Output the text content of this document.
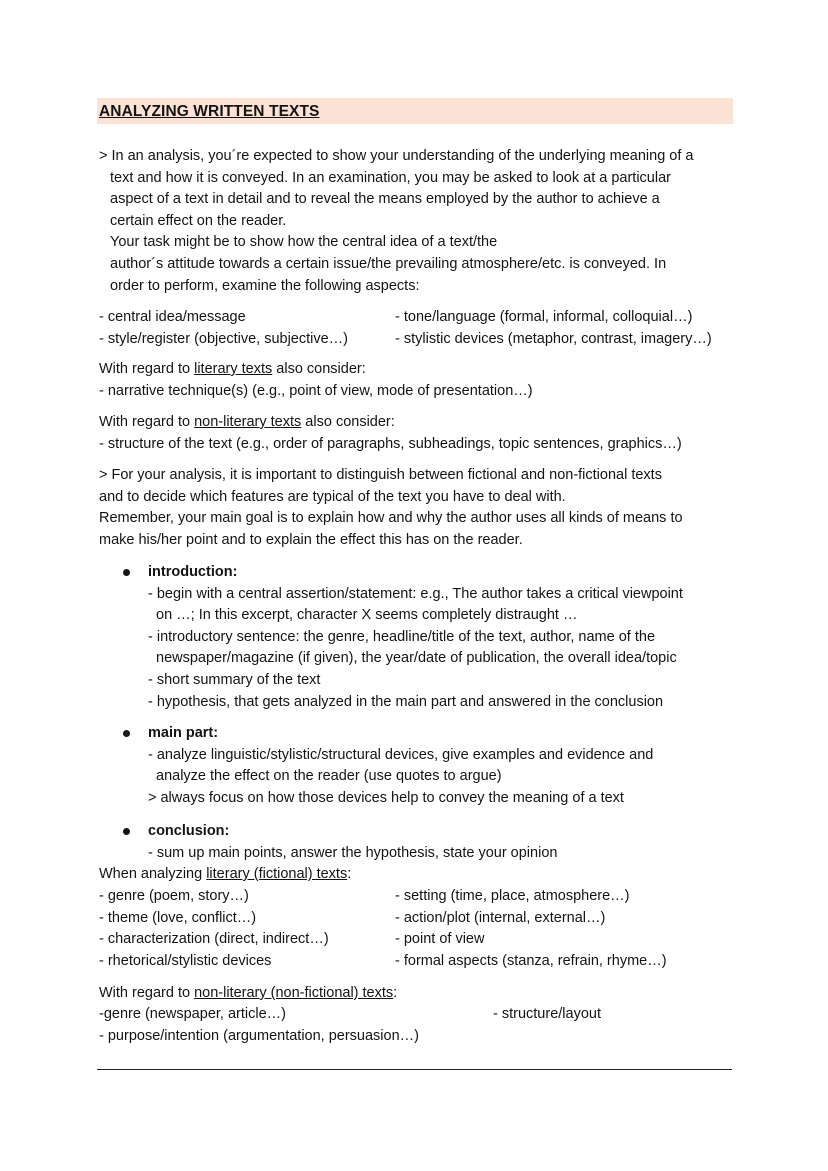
ANALYZING WRITTEN TEXTS
> In an analysis, you´re expected to show your understanding of the underlying meaning of a
text and how it is conveyed. In an examination, you may be asked to look at a particular
aspect of a text in detail and to reveal the means employed by the author to achieve a
certain effect on the reader.
Your task might be to show how the central idea of a text/the
author´s attitude towards a certain issue/the prevailing atmosphere/etc. is conveyed. In
order to perform, examine the following aspects:
- central idea/message	- tone/language (formal, informal, colloquial…)
- style/register (objective, subjective…)	- stylistic devices (metaphor, contrast, imagery…)
With regard to literary texts also consider:
- narrative technique(s) (e.g., point of view, mode of presentation…)
With regard to non-literary texts also consider:
- structure of the text (e.g., order of paragraphs, subheadings, topic sentences, graphics…)
> For your analysis, it is important to distinguish between fictional and non-fictional texts
and to decide which features are typical of the text you have to deal with.
Remember, your main goal is to explain how and why the author uses all kinds of means to
make his/her point and to explain the effect this has on the reader.
introduction:
- begin with a central assertion/statement: e.g., The author takes a critical viewpoint
on …; In this excerpt, character X seems completely distraught …
- introductory sentence: the genre, headline/title of the text, author, name of the
newspaper/magazine (if given), the year/date of publication, the overall idea/topic
- short summary of the text
- hypothesis, that gets analyzed in the main part and answered in the conclusion
main part:
- analyze linguistic/stylistic/structural devices, give examples and evidence and
analyze the effect on the reader (use quotes to argue)
> always focus on how those devices help to convey the meaning of a text
conclusion:
- sum up main points, answer the hypothesis, state your opinion
When analyzing literary (fictional) texts:
- genre (poem, story…)	- setting (time, place, atmosphere…)
- theme (love, conflict…)	- action/plot (internal, external…)
- characterization (direct, indirect…)	- point of view
- rhetorical/stylistic devices	- formal aspects (stanza, refrain, rhyme…)
With regard to non-literary (non-fictional) texts:
-genre (newspaper, article…)	- structure/layout
- purpose/intention (argumentation, persuasion…)
